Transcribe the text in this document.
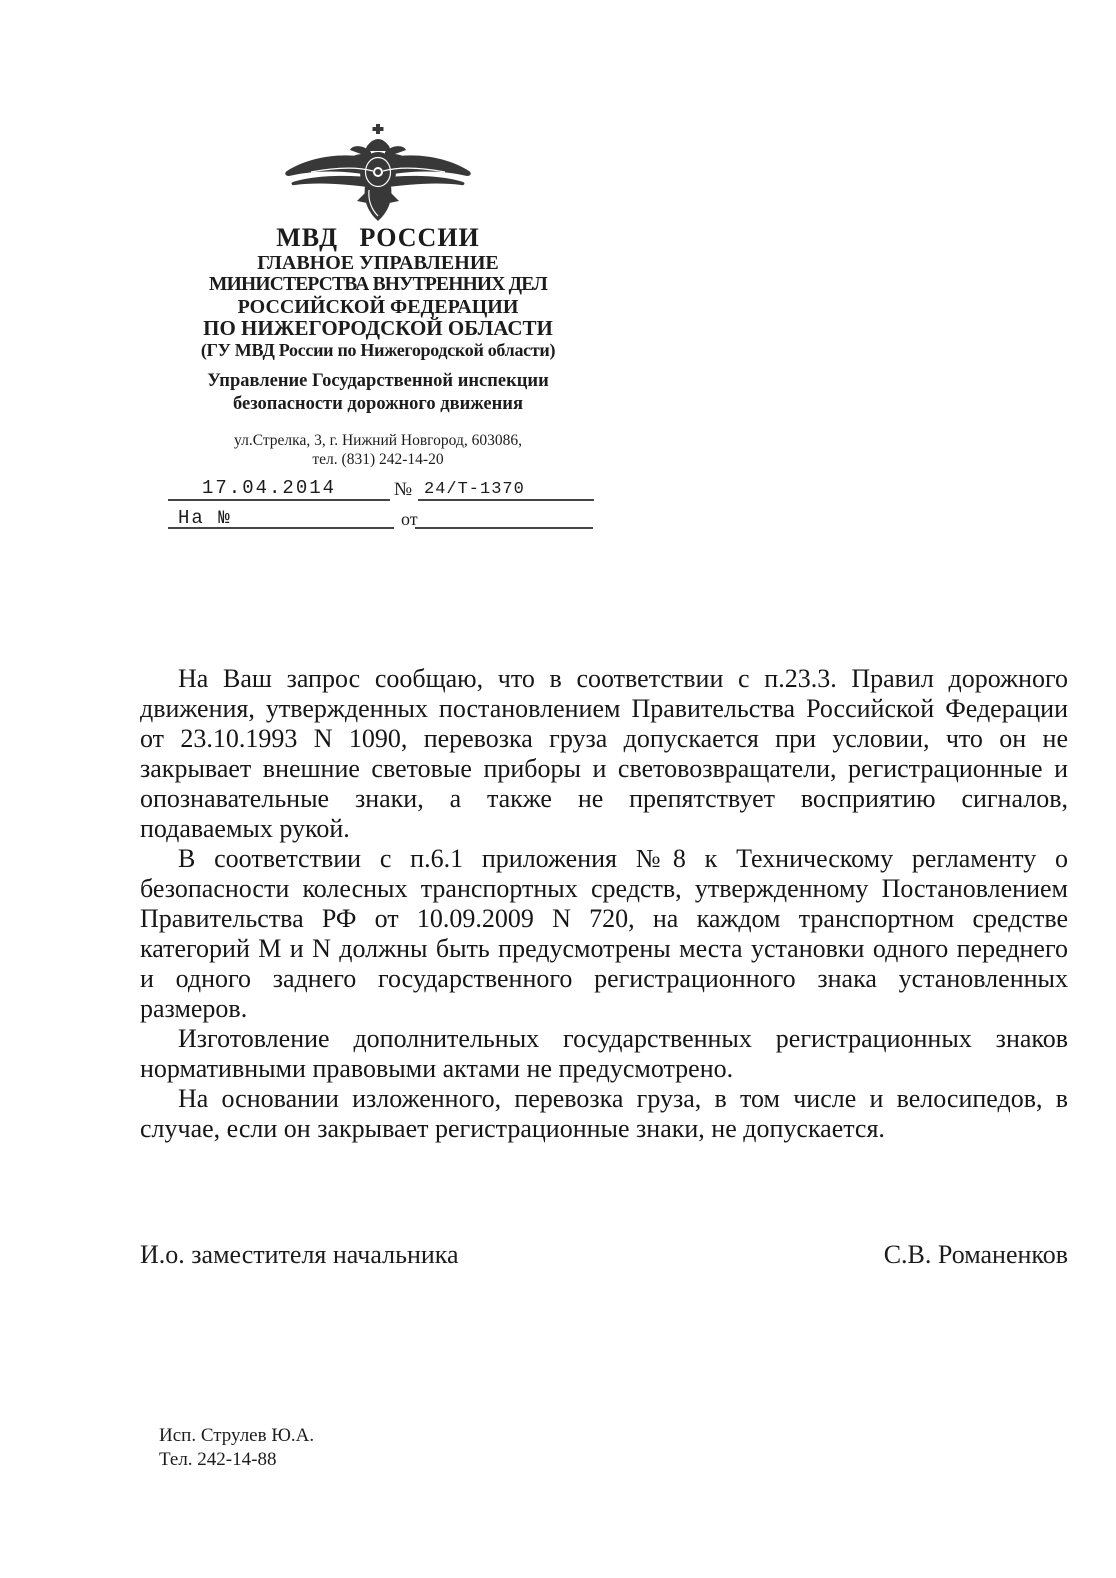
МВД РОССИИ
ГЛАВНОЕ УПРАВЛЕНИЕ
МИНИСТЕРСТВА ВНУТРЕННИХ ДЕЛ
РОССИЙСКОЙ ФЕДЕРАЦИИ
ПО НИЖЕГОРОДСКОЙ ОБЛАСТИ
(ГУ МВД России по Нижегородской области)
Управление Государственной инспекции
безопасности дорожного движения
ул.Стрелка, 3, г. Нижний Новгород, 603086,
тел. (831) 242-14-20
17.04.2014	№ 24/Т-1370
На №	от

На Ваш запрос сообщаю, что в соответствии с п.23.3. Правил дорожного движения, утвержденных постановлением Правительства Российской Федерации от 23.10.1993 N 1090, перевозка груза допускается при условии, что он не закрывает внешние световые приборы и световозвращатели, регистрационные и опознавательные знаки, а также не препятствует восприятию сигналов, подаваемых рукой.

В соответствии с п.6.1 приложения №8 к Техническому регламенту о безопасности колесных транспортных средств, утвержденному Постановлением Правительства РФ от 10.09.2009 N 720, на каждом транспортном средстве категорий М и N должны быть предусмотрены места установки одного переднего и одного заднего государственного регистрационного знака установленных размеров.

Изготовление дополнительных государственных регистрационных знаков нормативными правовыми актами не предусмотрено.

На основании изложенного, перевозка груза, в том числе и велосипедов, в случае, если он закрывает регистрационные знаки, не допускается.

И.о. заместителя начальника	С.В. Романенков
Исп. Струлев Ю.А.
Тел. 242-14-88
